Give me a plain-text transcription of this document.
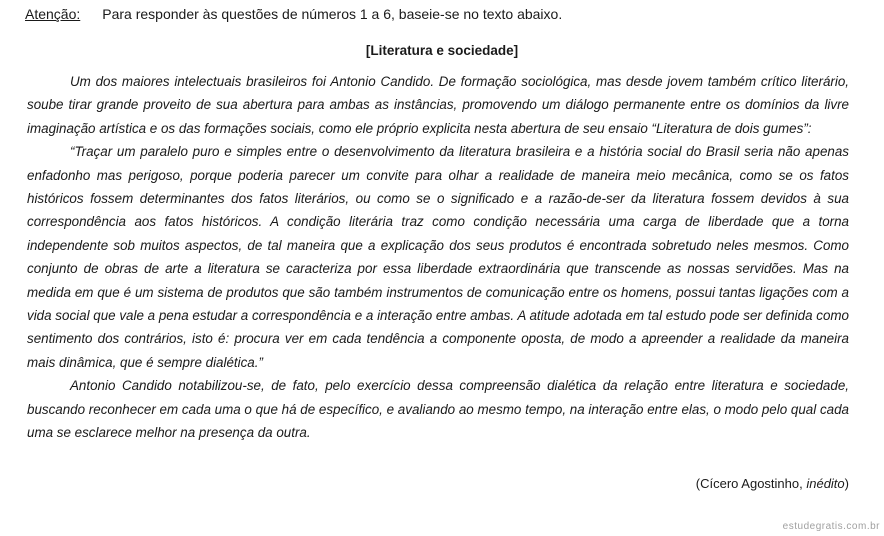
Atenção: Para responder às questões de números 1 a 6, baseie-se no texto abaixo.
[Literatura e sociedade]

Um dos maiores intelectuais brasileiros foi Antonio Candido. De formação sociológica, mas desde jovem também crítico literário, soube tirar grande proveito de sua abertura para ambas as instâncias, promovendo um diálogo permanente entre os domínios da livre imaginação artística e os das formações sociais, como ele próprio explicita nesta abertura de seu ensaio “Literatura de dois gumes”:

“Traçar um paralelo puro e simples entre o desenvolvimento da literatura brasileira e a história social do Brasil seria não apenas enfadonho mas perigoso, porque poderia parecer um convite para olhar a realidade de maneira meio mecânica, como se os fatos históricos fossem determinantes dos fatos literários, ou como se o significado e a razão-de-ser da literatura fossem devidos à sua correspondência aos fatos históricos. A condição literária traz como condição necessária uma carga de liberdade que a torna independente sob muitos aspectos, de tal maneira que a explicação dos seus produtos é encontrada sobretudo neles mesmos. Como conjunto de obras de arte a literatura se caracteriza por essa liberdade extraordinária que transcende as nossas servidões. Mas na medida em que é um sistema de produtos que são também instrumentos de comunicação entre os homens, possui tantas ligações com a vida social que vale a pena estudar a correspondência e a interação entre ambas. A atitude adotada em tal estudo pode ser definida como sentimento dos contrários, isto é: procura ver em cada tendência a componente oposta, de modo a apreender a realidade da maneira mais dinâmica, que é sempre dialética.”

Antonio Candido notabilizou-se, de fato, pelo exercício dessa compreensão dialética da relação entre literatura e sociedade, buscando reconhecer em cada uma o que há de específico, e avaliando ao mesmo tempo, na interação entre elas, o modo pelo qual cada uma se esclarece melhor na presença da outra.

(Cícero Agostinho, inédito)
estudegratis.com.br
